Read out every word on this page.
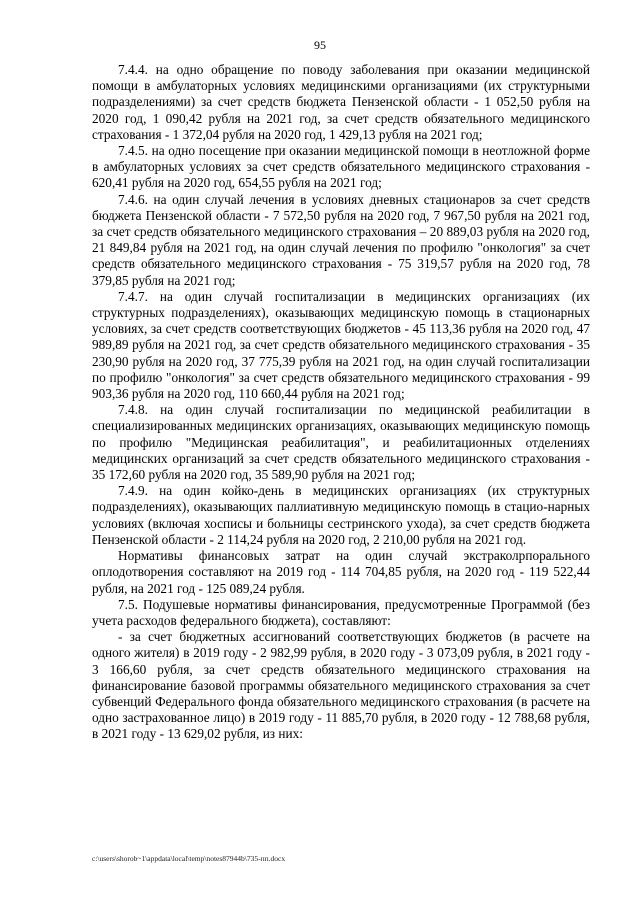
95

7.4.4. на одно обращение по поводу заболевания при оказании медицинской помощи в амбулаторных условиях медицинскими организациями (их структурными подразделениями) за счет средств бюджета Пензенской области - 1 052,50 рубля на 2020 год, 1 090,42 рубля на 2021 год, за счет средств обязательного медицинского страхования - 1 372,04 рубля на 2020 год, 1 429,13 рубля на 2021 год;

7.4.5. на одно посещение при оказании медицинской помощи в неотложной форме в амбулаторных условиях за счет средств обязательного медицинского страхования - 620,41 рубля на 2020 год, 654,55 рубля на 2021 год;

7.4.6. на один случай лечения в условиях дневных стационаров за счет средств бюджета Пензенской области - 7 572,50 рубля на 2020 год, 7 967,50 рубля на 2021 год, за счет средств обязательного медицинского страхования – 20 889,03 рубля на 2020 год, 21 849,84 рубля на 2021 год, на один случай лечения по профилю "онкология" за счет средств обязательного медицинского страхования - 75 319,57 рубля на 2020 год, 78 379,85 рубля на 2021 год;

7.4.7. на один случай госпитализации в медицинских организациях (их структурных подразделениях), оказывающих медицинскую помощь в стационарных условиях, за счет средств соответствующих бюджетов - 45 113,36 рубля на 2020 год, 47 989,89 рубля на 2021 год, за счет средств обязательного медицинского страхования - 35 230,90 рубля на 2020 год, 37 775,39 рубля на 2021 год, на один случай госпитализации по профилю "онкология" за счет средств обязательного медицинского страхования - 99 903,36 рубля на 2020 год, 110 660,44 рубля на 2021 год;

7.4.8. на один случай госпитализации по медицинской реабилитации в специализированных медицинских организациях, оказывающих медицинскую помощь по профилю "Медицинская реабилитация", и реабилитационных отделениях медицинских организаций за счет средств обязательного медицинского страхования - 35 172,60 рубля на 2020 год, 35 589,90 рубля на 2021 год;

7.4.9. на один койко-день в медицинских организациях (их структурных подразделениях), оказывающих паллиативную медицинскую помощь в стацио-нарных условиях (включая хосписы и больницы сестринского ухода), за счет средств бюджета Пензенской области - 2 114,24 рубля на 2020 год, 2 210,00 рубля на 2021 год.

Нормативы финансовых затрат на один случай экстраколрпорального оплодотворения составляют на 2019 год - 114 704,85 рубля, на 2020 год - 119 522,44 рубля, на 2021 год - 125 089,24 рубля.

7.5. Подушевые нормативы финансирования, предусмотренные Программой (без учета расходов федерального бюджета), составляют:

- за счет бюджетных ассигнований соответствующих бюджетов (в расчете на одного жителя) в 2019 году - 2 982,99 рубля, в 2020 году - 3 073,09 рубля, в 2021 году - 3 166,60 рубля, за счет средств обязательного медицинского страхования на финансирование базовой программы обязательного медицинского страхования за счет субвенций Федерального фонда обязательного медицинского страхования (в расчете на одно застрахованное лицо) в 2019 году - 11 885,70 рубля, в 2020 году - 12 788,68 рубля, в 2021 году - 13 629,02 рубля, из них:

c:\users\shorob~1\appdata\local\temp\notes87944b\735-пп.docx
